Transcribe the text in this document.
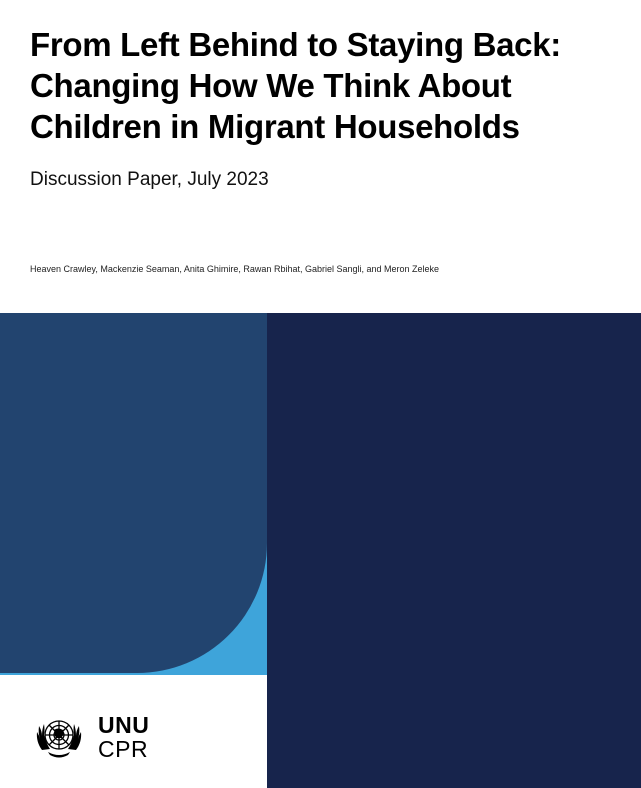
From Left Behind to Staying Back:
Changing How We Think About
Children in Migrant Households

Discussion Paper, July 2023

Heaven Crawley, Mackenzie Seaman, Anita Ghimire, Rawan Rbihat, Gabriel Sangli, and Meron Zeleke

UNU
CPR
